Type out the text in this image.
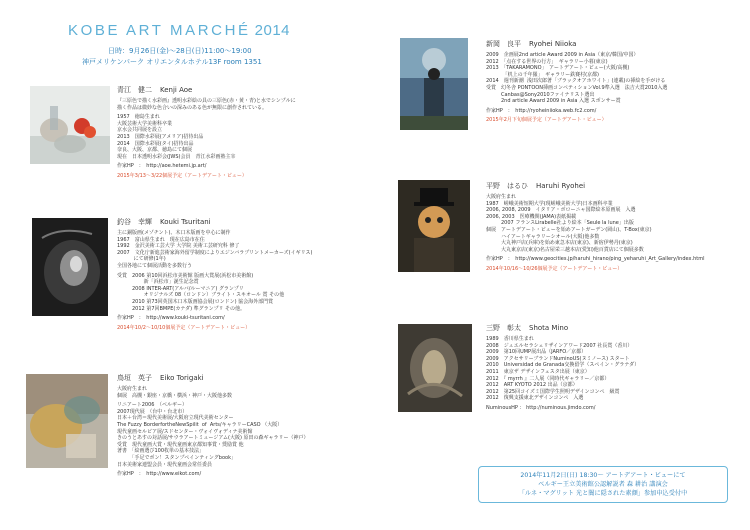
KOBE ART MARCHÉ 2014
日時：9月26日(金)〜28日(日)11:00〜19:00
神戸メリケンパーク オリエンタルホテル13F room 1351
青江　健二 Kenji Aoe
『三原色で描く水彩画』透明水彩絵の具の三原色(赤・黄・青)と水でシンプルに
描く作品は微妙な色合いの深みのある色が無限に創作されている。
1957　徳島生まれ
大阪芸術大学美術科卒業
京水会共同展を設立
2013　国際水彩展(アメリア)招待出品
2014　国際水彩展(タイ)招待出品
奈良、大阪、京都、徳島にて個展
現在　日本透明水彩会(JWS)会員　青江水彩画塾主宰
作家HP　：　http://aoe.hetemi.jp.art/
2015年3/13〜3/22個展予定（アートデアート・ビュー）
釣谷　幸輝 Kouki Tsuritani
主に銅版画(メゾチント)、木口木版画を中心に制作
1967　富山県生まれ　現在広島市在住
1992　金沢美術工芸大学 大学院 美術工芸研究科 修了
2007　文化庁新進芸術家海外留学制度によりエジンバラプリントメーカーズ(イギリス)
　　　 にて研修(1年)
全国各地にて個展活動を多数行う
受賞　2006 第10回浜松市美術館 版画大賞展(浜松市美術館)
　　　　　 新「浜松市」誕生記念賞
　　　2008 INTER-ART(アルバ/ルーマニア) グランプリ
　　　　　 オリジナルズ 08（ロンドン）ブライト・スキオール 賞 その他
　　　2010 第73回英国木口木版画協会展(ロンドン) 協会海外部門賞
　　　2012 第7回BMPE(カナダ) 準グランプリ その他。
作家HP　：　http://www.kouki-tsuritani.com/
2014年10/2〜10/10個展予定（アートデアート・ビュー）
鳥垣　英子 Eiko Torigaki
大阪府生まれ
個展　高槻・銀座・京橋・横浜・神戸・大阪他多数
リニアート2006　（ベルギー）
2007現代展　（台中・台北市）
日本＋台湾＝現代美術展/大阪府立現代美術センター
The Fuzzy BorderfortheNewSpilit  of  Arts/キャラリーCASO （大阪）
現代童画セルビア展/スドセンター・ヴォイヴォディナ美術館
きのうとあすの対話展/サウラアートミュージアム(大阪) 原田の森ギャラリー（神戸）
受賞　現代童画大賞・現代童画東京都知事賞・奨励賞 他
著書　「絵画選び100枚単の基本技法」
　　　「手足でポン！スタンプペインティングbook」
日本美術家連盟会員・現代童画会常任委員
作家HP　：　http://www.eikot.com/
新岡　良平 Ryohei Niioka
2009　企画展2nd article Award 2009 in Asia（東京/韓国/中国）
2012　「点在する世界の行方」　ギャラリー小暮(東京)
2013　「TAKARAMONO」　アートデアート・ビュー(大阪/高槻)
　　　 「机上の千年羅」　ギャラリー鉄賽村(京都)
2014　週刊新潮  浅田次郎著「ブラックオアホワイト」(連載)の挿絵を手がける
受賞　幻冬舎 PONTOON挿画コンペティションVol.9準入選　法吉大賞2010入選
　　　Canbas@Sony2010ファイナリスト選出
　　　2nd article Award 2009 in Asia 入選 スポンサー賞
作家HP　：　http://ryoheiniioka.web.fc2.com/
2015年2月下旬個展予定（アートデアート・ビュー）
平野　はるひ Haruhi Ryohei
大阪府生まれ
1987　嵯峨美術短期大学(現嵯峨美術大学)日本画科卒業
2006, 2008, 2009　イタリア・ボローニャ国際絵本原画展　入選
2006, 2003　医療機関(JAMA)表紙掲載
　　　2007 フランスLirabelle社より絵本「Seule la lune」出版
個展　アートデアート・ビューを始めアートガーデン(岡山)、T-Box(東京)
　　　ハイアートギャラリーシオール(大阪)他多数
　　　大丸神戸店(兵庫)を始め東急本店(東京)、新宿伊勢丹(東京)
　　　大丸東京店(東京)名古屋栄三越本店(愛知)他百貨店にて個展多数
作家HP　：　http://www.geocities.jp/haruhi_hirano/ping_yeharuhi_Art_Gallery/index.html
2014年10/16〜10/26個展予定（アートデアート・ビュー）
三野　彰太 Shota Mino
1989　香川県生まれ
2008　ジュエルセラシェリザインアワード2007 社長賞（香川）
2009　第10回UMP展出品（JARFO／京都）
2009　アクセサリーブランドNuminoUS(ヌミノース) スタート
2010　Universidad de Granada交換留学（スペイン・グラナダ）
2011　東京ザ デザインフェスタ出展（東京）
2012　『 myrrh 』二人展（同時代ギャラリー／京都）
2012　ART KYOTO 2012 出品（京都）
2012　第25回コイズミ国際学生照明デザインコンペ　級賞
2012　復興支援東北デザインコンペ　入選
NuminousHP ： http://numinous.jimdo.com/
2014年11月2日(日) 18:30〜 アートデアート・ビューにて
ベルギー王立美術館公認解説者 森 耕治 講演会
「ルネ・マグリット 光と闇に隠された素顔」参加申込受付中
